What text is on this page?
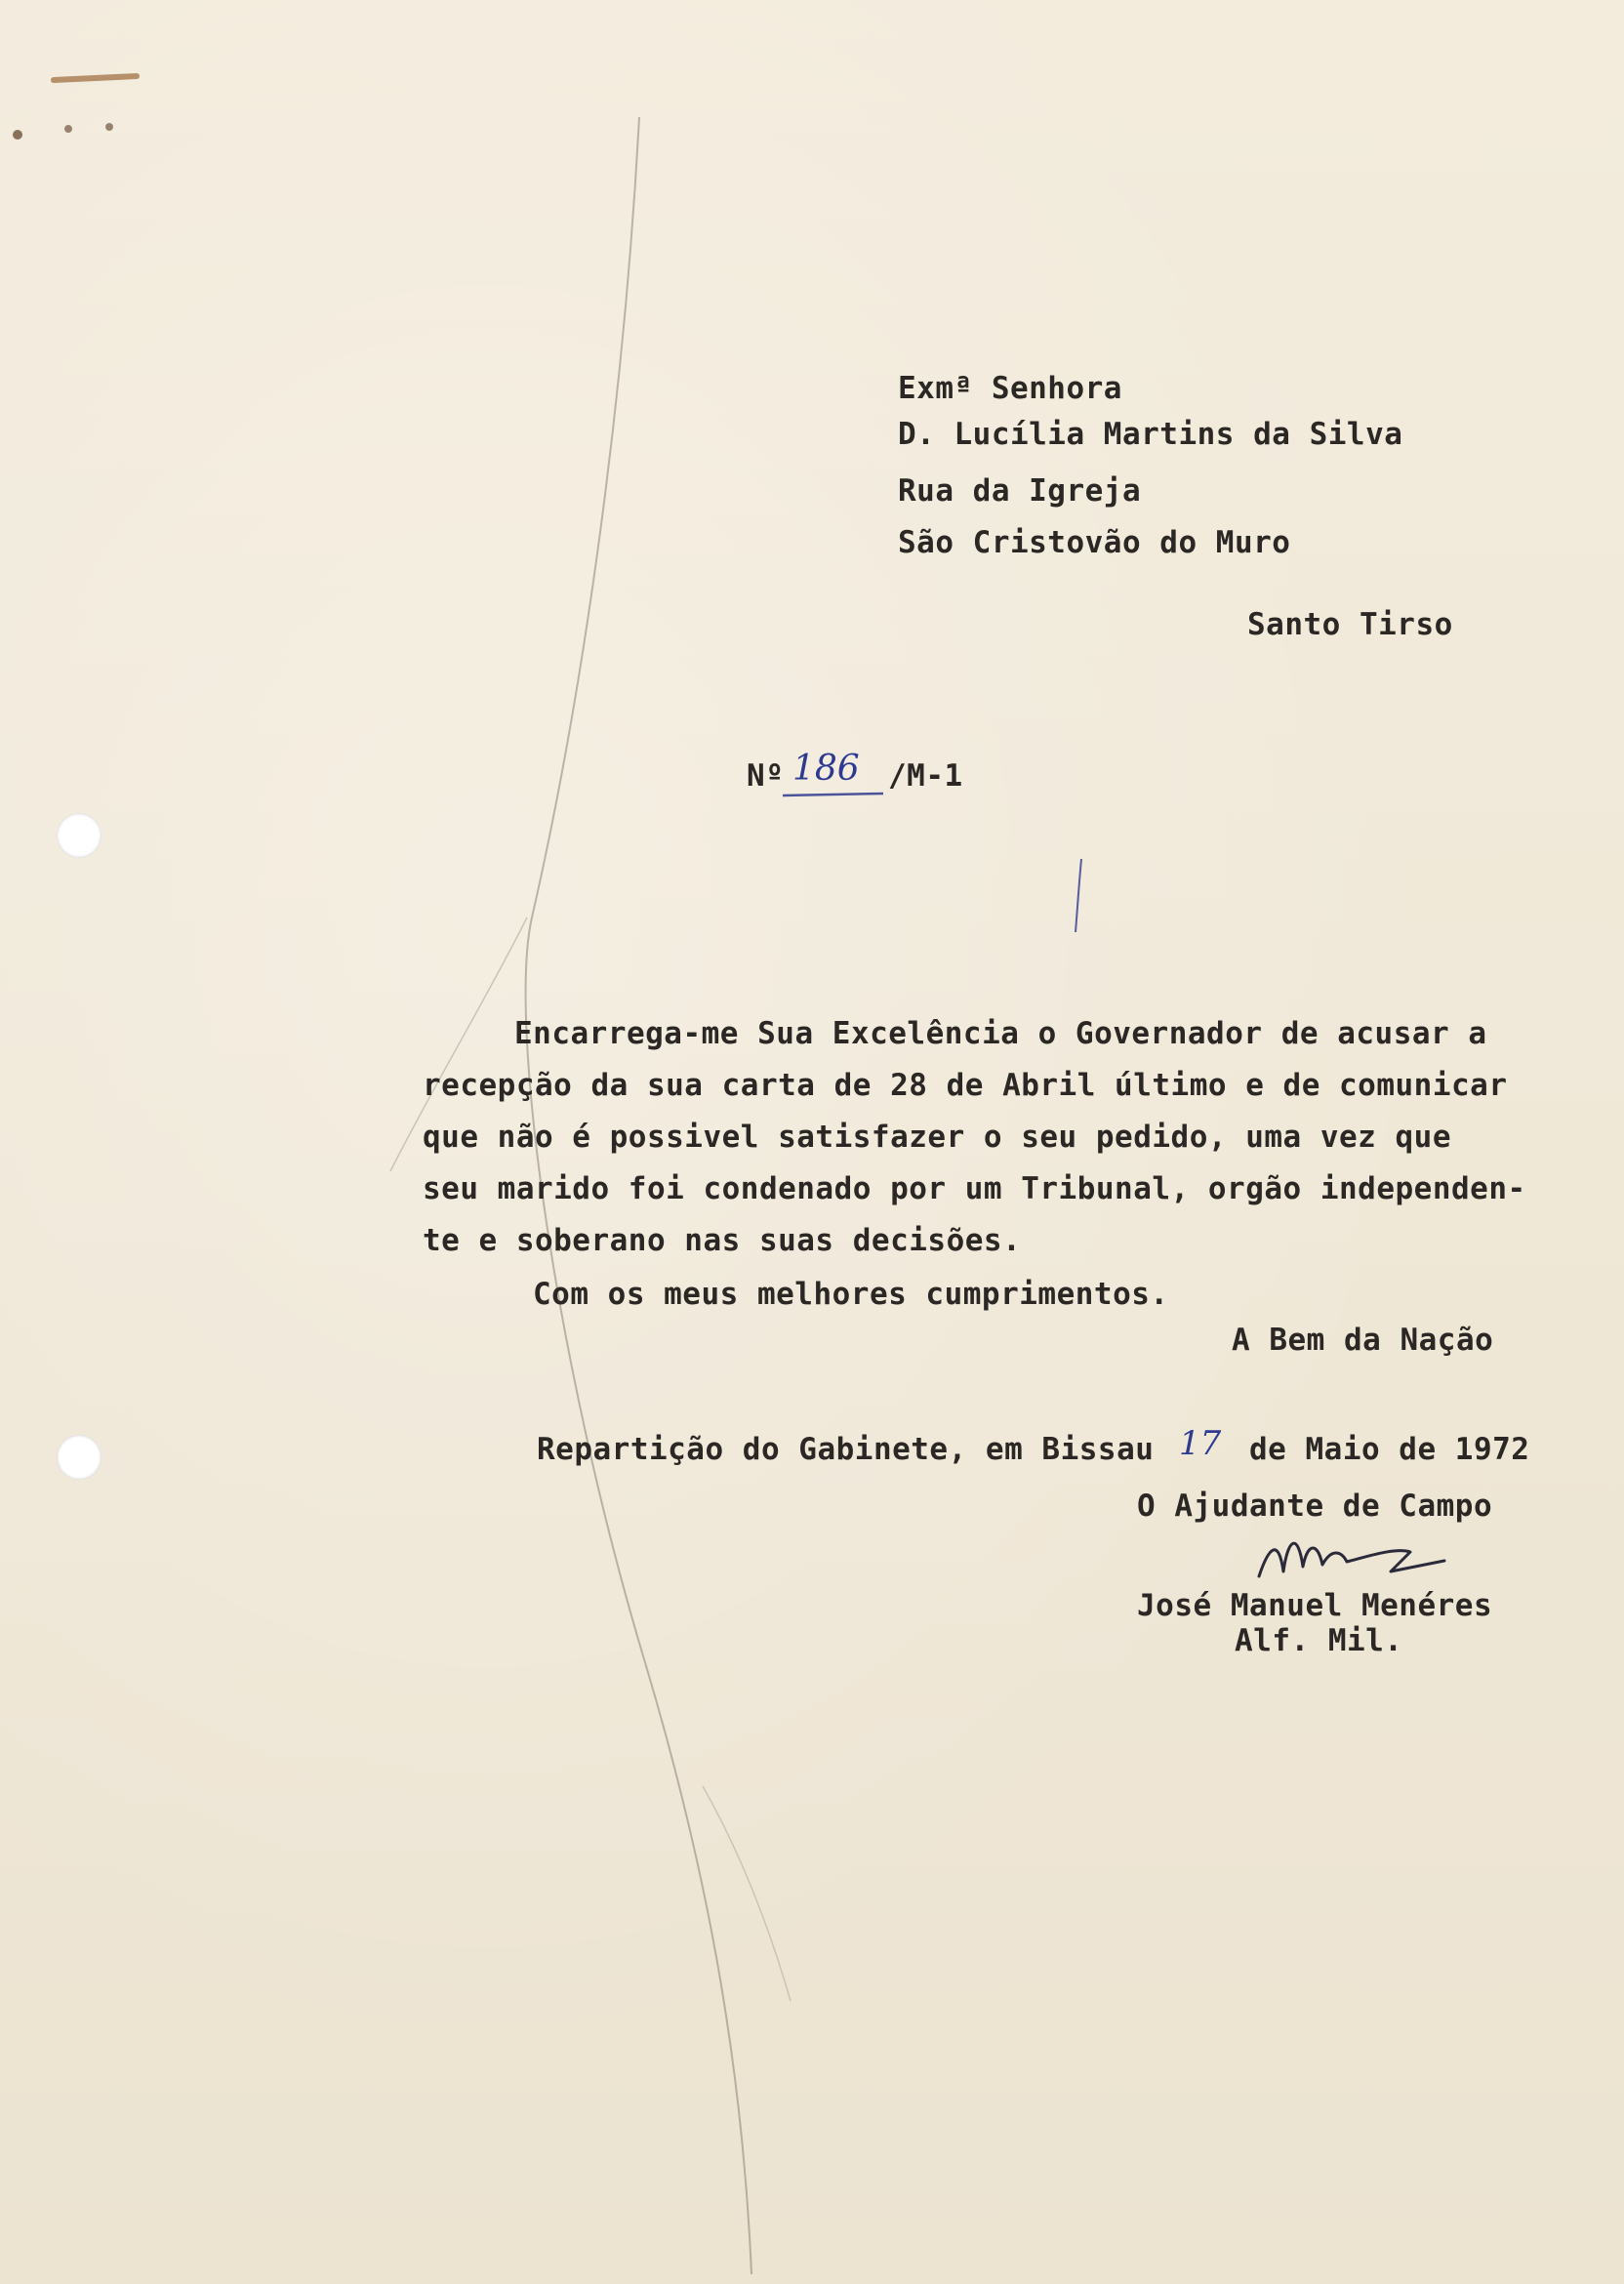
Exmª Senhora
D. Lucília Martins da Silva
Rua da Igreja
São Cristovão do Muro
Santo Tirso
Nº 186 /M-1
Encarrega-me Sua Excelência o Governador de acusar a
recepção da sua carta de 28 de Abril último e de comunicar
que não é possivel satisfazer o seu pedido, uma vez que
seu marido foi condenado por um Tribunal, orgão independen-
te e soberano nas suas decisões.
Com os meus melhores cumprimentos.
A Bem da Nação
Repartição do Gabinete, em Bissau 17 de Maio de 1972
O Ajudante de Campo
José Manuel Menéres
Alf. Mil.
